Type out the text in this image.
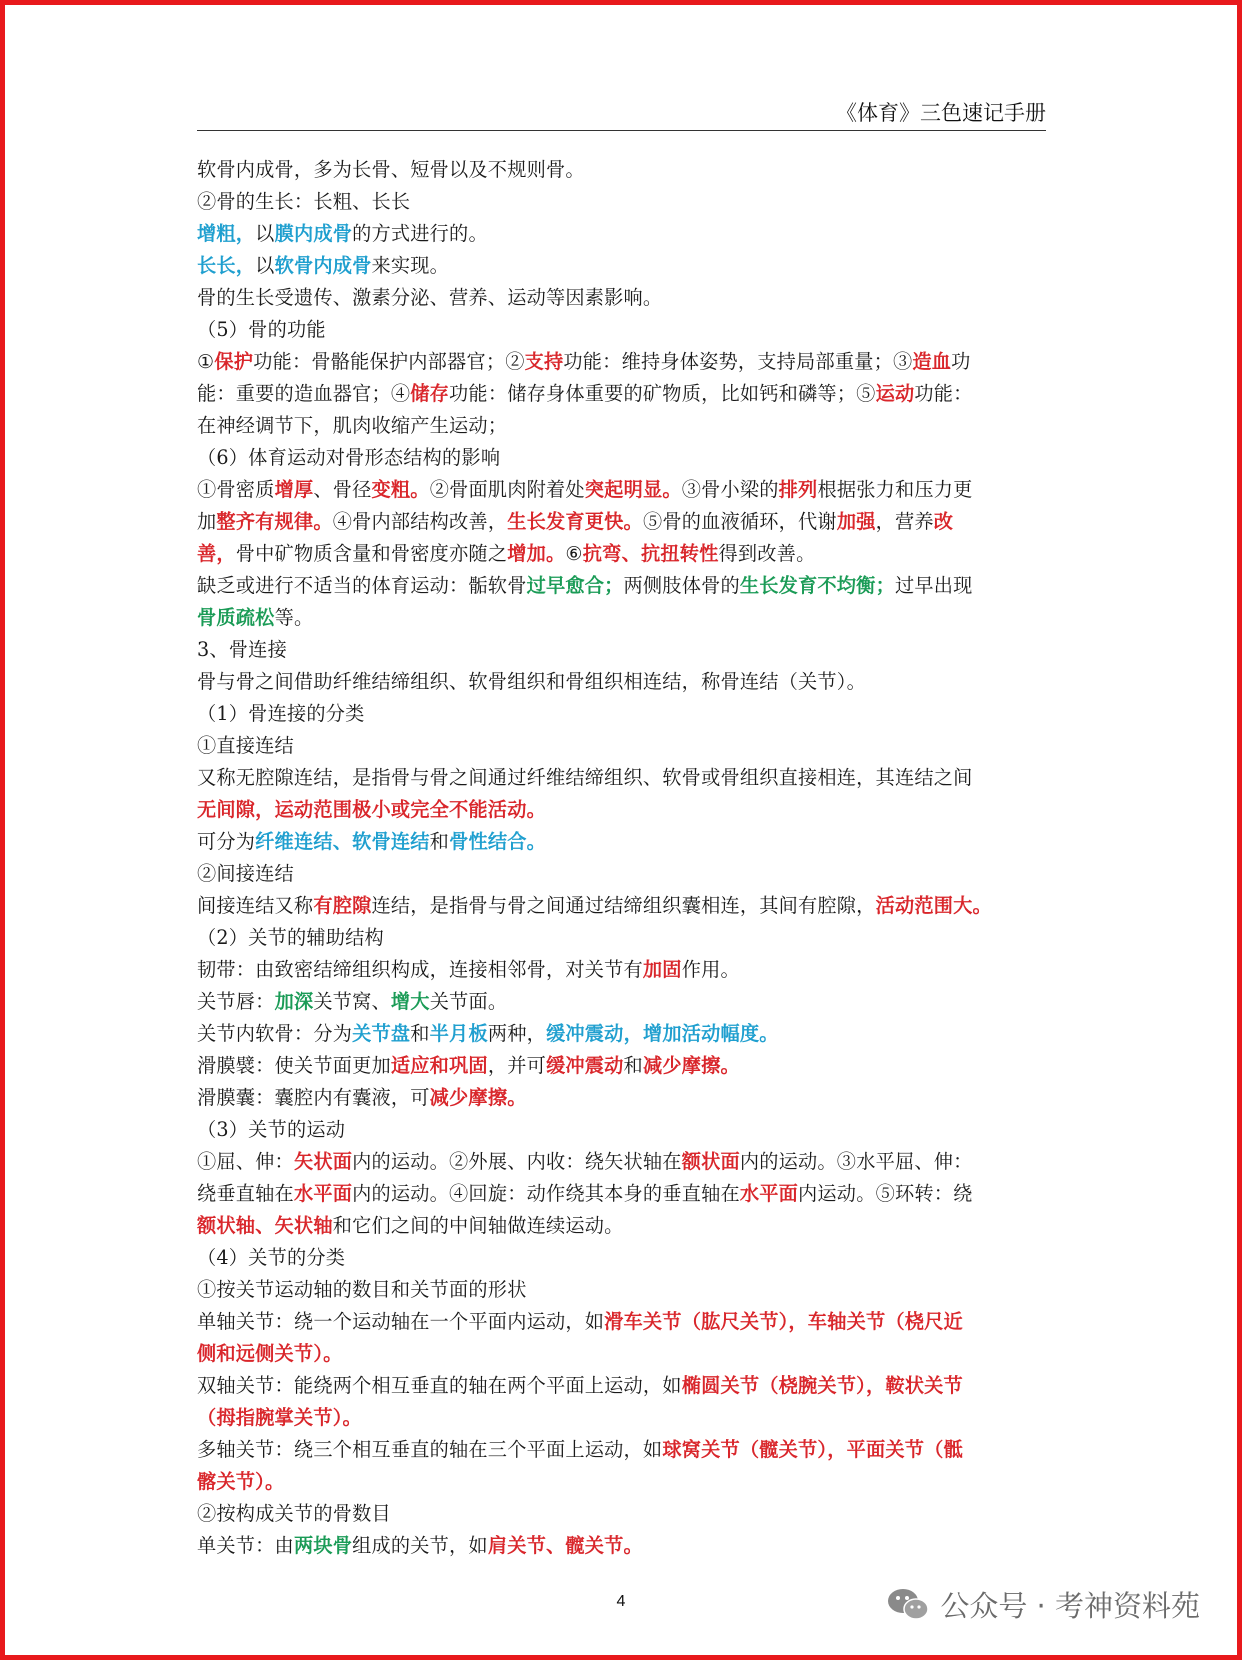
《体育》三色速记手册
软骨内成骨，多为长骨、短骨以及不规则骨。
②骨的生长：长粗、长长
增粗，以膜内成骨的方式进行的。
长长，以软骨内成骨来实现。
骨的生长受遗传、激素分泌、营养、运动等因素影响。
（5）骨的功能
①保护功能：骨骼能保护内部器官；②支持功能：维持身体姿势，支持局部重量；③造血功
能：重要的造血器官；④储存功能：储存身体重要的矿物质，比如钙和磷等；⑤运动功能：
在神经调节下，肌肉收缩产生运动；
（6）体育运动对骨形态结构的影响
①骨密质增厚、骨径变粗。②骨面肌肉附着处突起明显。③骨小梁的排列根据张力和压力更
加整齐有规律。④骨内部结构改善，生长发育更快。⑤骨的血液循环，代谢加强，营养改
善，骨中矿物质含量和骨密度亦随之增加。⑥抗弯、抗扭转性得到改善。
缺乏或进行不适当的体育运动：骺软骨过早愈合；两侧肢体骨的生长发育不均衡；过早出现
骨质疏松等。
3、骨连接
骨与骨之间借助纤维结缔组织、软骨组织和骨组织相连结，称骨连结（关节）。
（1）骨连接的分类
①直接连结
又称无腔隙连结，是指骨与骨之间通过纤维结缔组织、软骨或骨组织直接相连，其连结之间
无间隙，运动范围极小或完全不能活动。
可分为纤维连结、软骨连结和骨性结合。
②间接连结
间接连结又称有腔隙连结，是指骨与骨之间通过结缔组织囊相连，其间有腔隙，活动范围大。
（2）关节的辅助结构
韧带：由致密结缔组织构成，连接相邻骨，对关节有加固作用。
关节唇：加深关节窝、增大关节面。
关节内软骨：分为关节盘和半月板两种，缓冲震动，增加活动幅度。
滑膜襞：使关节面更加适应和巩固，并可缓冲震动和减少摩擦。
滑膜囊：囊腔内有囊液，可减少摩擦。
（3）关节的运动
①屈、伸：矢状面内的运动。②外展、内收：绕矢状轴在额状面内的运动。③水平屈、伸：
绕垂直轴在水平面内的运动。④回旋：动作绕其本身的垂直轴在水平面内运动。⑤环转：绕
额状轴、矢状轴和它们之间的中间轴做连续运动。
（4）关节的分类
①按关节运动轴的数目和关节面的形状
单轴关节：绕一个运动轴在一个平面内运动，如滑车关节（肱尺关节），车轴关节（桡尺近
侧和远侧关节）。
双轴关节：能绕两个相互垂直的轴在两个平面上运动，如椭圆关节（桡腕关节），鞍状关节
（拇指腕掌关节）。
多轴关节：绕三个相互垂直的轴在三个平面上运动，如球窝关节（髋关节），平面关节（骶
髂关节）。
②按构成关节的骨数目
单关节：由两块骨组成的关节，如肩关节、髋关节。
4	公众号 · 考神资料苑
